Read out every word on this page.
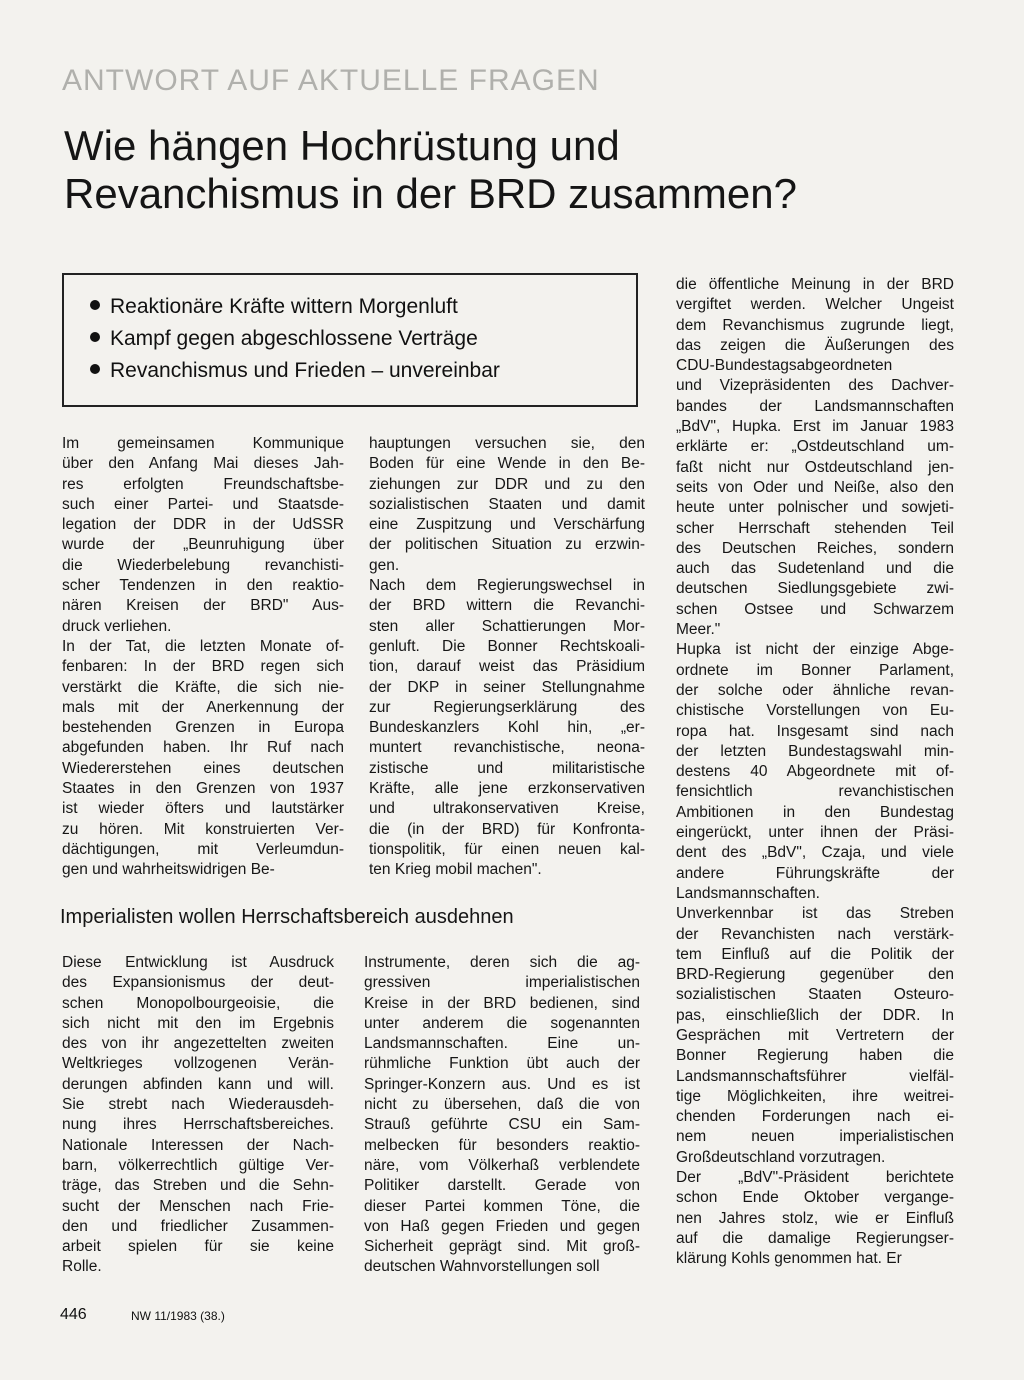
ANTWORT AUF AKTUELLE FRAGEN
Wie hängen Hochrüstung und
Revanchismus in der BRD zusammen?
Reaktionäre Kräfte wittern Morgenluft
Kampf gegen abgeschlossene Verträge
Revanchismus und Frieden – unvereinbar
Im gemeinsamen Kommunique
über den Anfang Mai dieses Jah-
res erfolgten Freundschaftsbe-
such einer Partei- und Staatsde-
legation der DDR in der UdSSR
wurde der „Beunruhigung über
die Wiederbelebung revanchisti-
scher Tendenzen in den reaktio-
nären Kreisen der BRD" Aus-
druck verliehen.
In der Tat, die letzten Monate of-
fenbaren: In der BRD regen sich
verstärkt die Kräfte, die sich nie-
mals mit der Anerkennung der
bestehenden Grenzen in Europa
abgefunden haben. Ihr Ruf nach
Wiedererstehen eines deutschen
Staates in den Grenzen von 1937
ist wieder öfters und lautstärker
zu hören. Mit konstruierten Ver-
dächtigungen, mit Verleumdun-
gen und wahrheitswidrigen Be-
hauptungen versuchen sie, den
Boden für eine Wende in den Be-
ziehungen zur DDR und zu den
sozialistischen Staaten und damit
eine Zuspitzung und Verschärfung
der politischen Situation zu erzwin-
gen.
Nach dem Regierungswechsel in
der BRD wittern die Revanchi-
sten aller Schattierungen Mor-
genluft. Die Bonner Rechtskoali-
tion, darauf weist das Präsidium
der DKP in seiner Stellungnahme
zur Regierungserklärung des
Bundeskanzlers Kohl hin, „er-
muntert revanchistische, neona-
zistische und militaristische
Kräfte, alle jene erzkonservativen
und ultrakonservativen Kreise,
die (in der BRD) für Konfronta-
tionspolitik, für einen neuen kal-
ten Krieg mobil machen".
die öffentliche Meinung in der BRD
vergiftet werden. Welcher Ungeist
dem Revanchismus zugrunde liegt,
das zeigen die Äußerungen des
CDU-Bundestagsabgeordneten
und Vizepräsidenten des Dachver-
bandes der Landsmannschaften
„BdV", Hupka. Erst im Januar 1983
erklärte er: „Ostdeutschland um-
faßt nicht nur Ostdeutschland jen-
seits von Oder und Neiße, also den
heute unter polnischer und sowjeti-
scher Herrschaft stehenden Teil
des Deutschen Reiches, sondern
auch das Sudetenland und die
deutschen Siedlungsgebiete zwi-
schen Ostsee und Schwarzem
Meer."
Hupka ist nicht der einzige Abge-
ordnete im Bonner Parlament,
der solche oder ähnliche revan-
chistische Vorstellungen von Eu-
ropa hat. Insgesamt sind nach
der letzten Bundestagswahl min-
destens 40 Abgeordnete mit of-
fensichtlich revanchistischen
Ambitionen in den Bundestag
eingerückt, unter ihnen der Präsi-
dent des „BdV", Czaja, und viele
andere Führungskräfte der
Landsmannschaften.
Unverkennbar ist das Streben
der Revanchisten nach verstärk-
tem Einfluß auf die Politik der
BRD-Regierung gegenüber den
sozialistischen Staaten Osteuro-
pas, einschließlich der DDR. In
Gesprächen mit Vertretern der
Bonner Regierung haben die
Landsmannschaftsführer vielfäl-
tige Möglichkeiten, ihre weitrei-
chenden Forderungen nach ei-
nem neuen imperialistischen
Großdeutschland vorzutragen.
Der „BdV"-Präsident berichtete
schon Ende Oktober vergange-
nen Jahres stolz, wie er Einfluß
auf die damalige Regierungser-
klärung Kohls genommen hat. Er
Imperialisten wollen Herrschaftsbereich ausdehnen
Diese Entwicklung ist Ausdruck
des Expansionismus der deut-
schen Monopolbourgeoisie, die
sich nicht mit den im Ergebnis
des von ihr angezettelten zweiten
Weltkrieges vollzogenen Verän-
derungen abfinden kann und will.
Sie strebt nach Wiederausdeh-
nung ihres Herrschaftsbereiches.
Nationale Interessen der Nach-
barn, völkerrechtlich gültige Ver-
träge, das Streben und die Sehn-
sucht der Menschen nach Frie-
den und friedlicher Zusammen-
arbeit spielen für sie keine
Rolle.
Instrumente, deren sich die ag-
gressiven imperialistischen
Kreise in der BRD bedienen, sind
unter anderem die sogenannten
Landsmannschaften. Eine un-
rühmliche Funktion übt auch der
Springer-Konzern aus. Und es ist
nicht zu übersehen, daß die von
Strauß geführte CSU ein Sam-
melbecken für besonders reaktio-
näre, vom Völkerhaß verblendete
Politiker darstellt. Gerade von
dieser Partei kommen Töne, die
von Haß gegen Frieden und gegen
Sicherheit geprägt sind. Mit groß-
deutschen Wahnvorstellungen soll
446	NW 11/1983 (38.)
